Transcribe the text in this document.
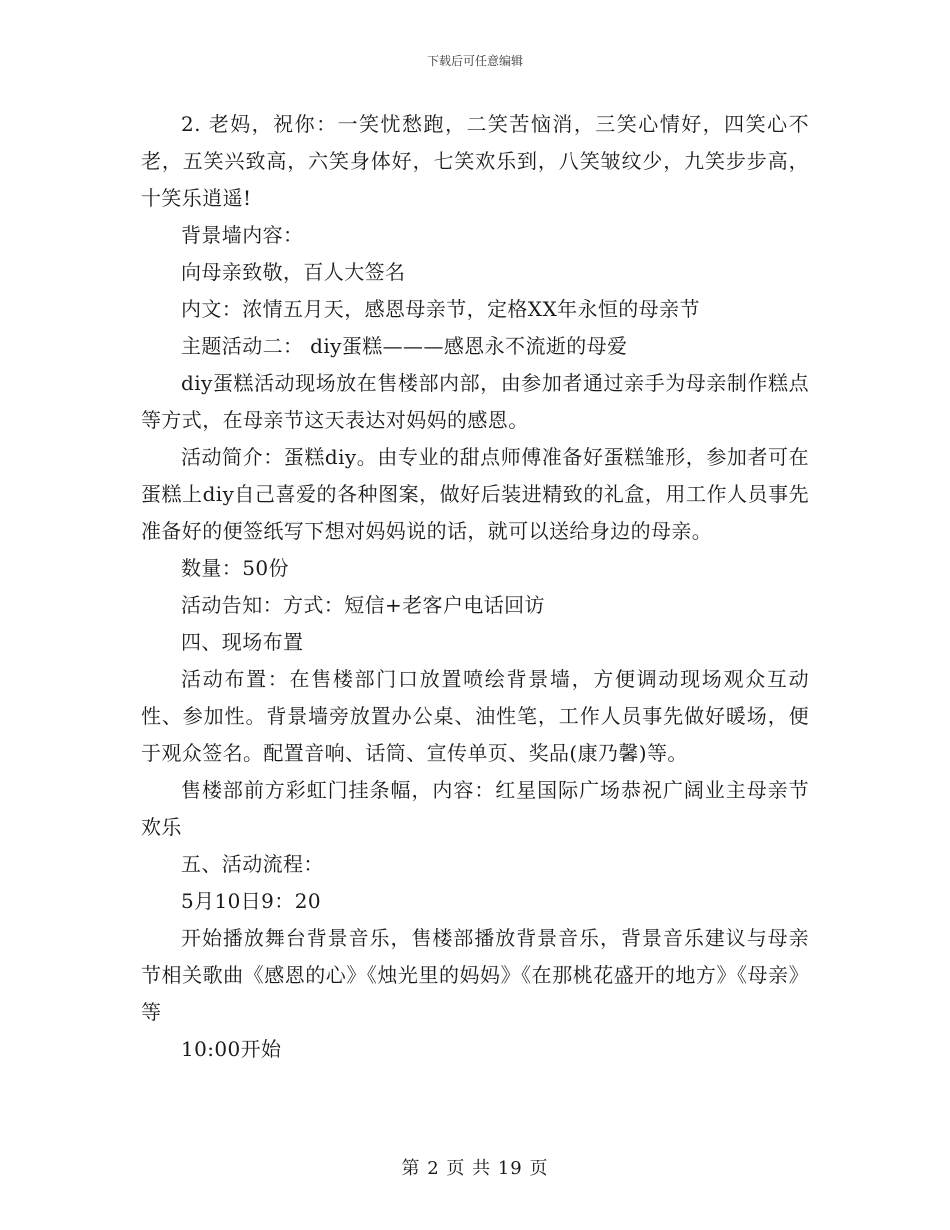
下载后可任意编辑

2. 老妈，祝你：一笑忧愁跑，二笑苦恼消，三笑心情好，四笑心不老，五笑兴致高，六笑身体好，七笑欢乐到，八笑皱纹少，九笑步步高，十笑乐逍遥!

背景墙内容：

向母亲致敬，百人大签名

内文：浓情五月天，感恩母亲节，定格XX年永恒的母亲节

主题活动二： diy蛋糕———感恩永不流逝的母爱

diy蛋糕活动现场放在售楼部内部，由参加者通过亲手为母亲制作糕点等方式，在母亲节这天表达对妈妈的感恩。

活动简介：蛋糕diy。由专业的甜点师傅准备好蛋糕雏形，参加者可在蛋糕上diy自己喜爱的各种图案，做好后装进精致的礼盒，用工作人员事先准备好的便签纸写下想对妈妈说的话，就可以送给身边的母亲。

数量：50份

活动告知：方式：短信+老客户电话回访

四、现场布置

活动布置：在售楼部门口放置喷绘背景墙，方便调动现场观众互动性、参加性。背景墙旁放置办公桌、油性笔，工作人员事先做好暖场，便于观众签名。配置音响、话筒、宣传单页、奖品(康乃馨)等。

售楼部前方彩虹门挂条幅，内容：红星国际广场恭祝广阔业主母亲节欢乐

五、活动流程：

5月10日9：20

开始播放舞台背景音乐，售楼部播放背景音乐，背景音乐建议与母亲节相关歌曲《感恩的心》《烛光里的妈妈》《在那桃花盛开的地方》《母亲》等

10:00开始

第 2 页 共 19 页
